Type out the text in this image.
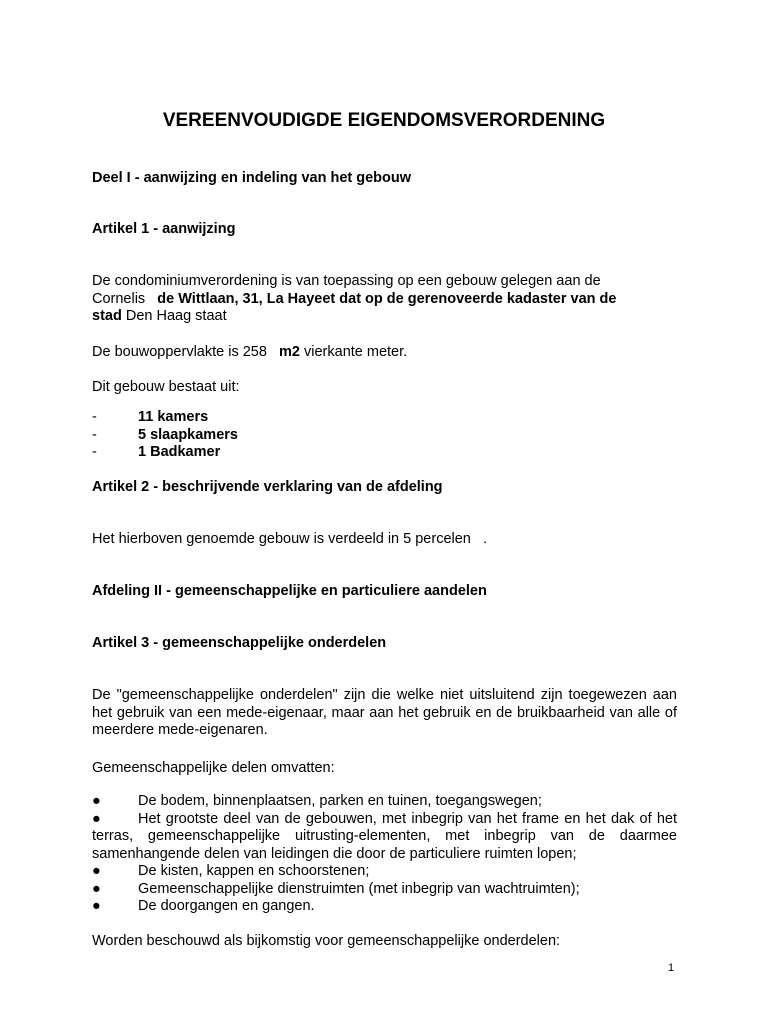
VEREENVOUDIGDE EIGENDOMSVERORDENING

Deel I - aanwijzing en indeling van het gebouw

Artikel 1 - aanwijzing

De condominiumverordening is van toepassing op een gebouw gelegen aan de
Cornelis de Wittlaan, 31, La Hayeet dat op de gerenoveerde kadaster van de
stad Den Haag staat

De bouwoppervlakte is 258 m2 vierkante meter.

Dit gebouw bestaat uit:

-	11 kamers
-	5 slaapkamers
-	1 Badkamer

Artikel 2 - beschrijvende verklaring van de afdeling

Het hierboven genoemde gebouw is verdeeld in 5 percelen .

Afdeling II - gemeenschappelijke en particuliere aandelen

Artikel 3 - gemeenschappelijke onderdelen

De "gemeenschappelijke onderdelen" zijn die welke niet uitsluitend zijn toegewezen aan het gebruik van een mede-eigenaar, maar aan het gebruik en de bruikbaarheid van alle of meerdere mede-eigenaren.

Gemeenschappelijke delen omvatten:

●	De bodem, binnenplaatsen, parken en tuinen, toegangswegen;
●	Het grootste deel van de gebouwen, met inbegrip van het frame en het dak of het terras, gemeenschappelijke uitrusting-elementen, met inbegrip van de daarmee samenhangende delen van leidingen die door de particuliere ruimten lopen;
●	De kisten, kappen en schoorstenen;
●	Gemeenschappelijke dienstruimten (met inbegrip van wachtruimten);
●	De doorgangen en gangen.

Worden beschouwd als bijkomstig voor gemeenschappelijke onderdelen:

1
